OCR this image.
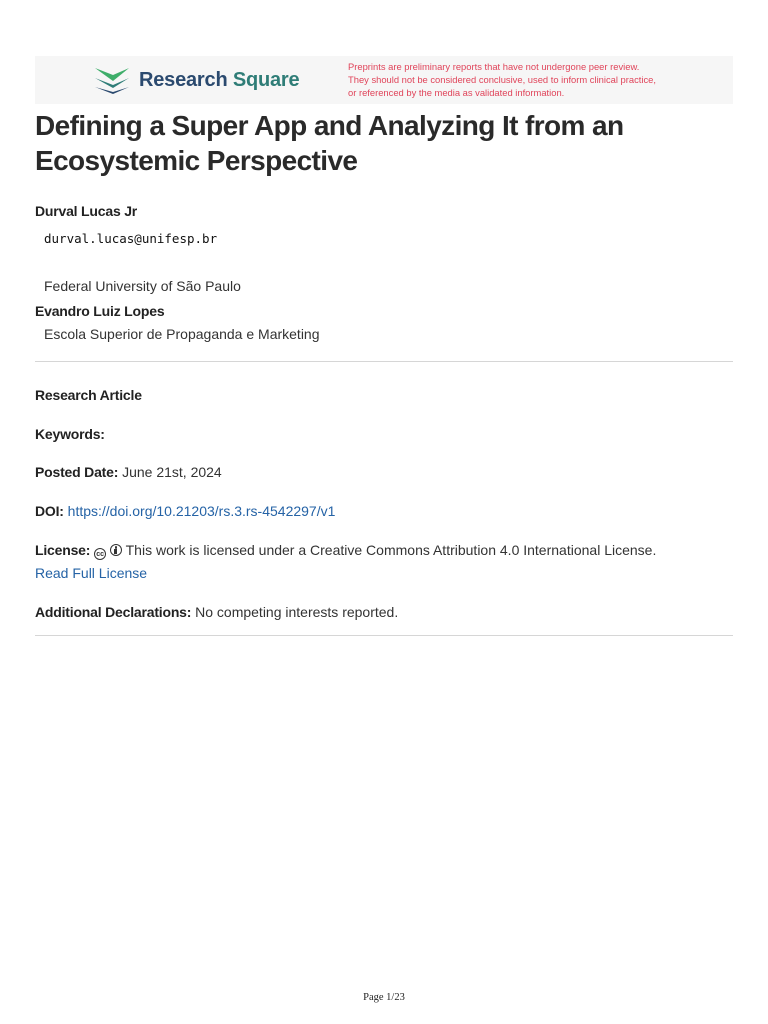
Research Square
Preprints are preliminary reports that have not undergone peer review.
They should not be considered conclusive, used to inform clinical practice,
or referenced by the media as validated information.
Defining a Super App and Analyzing It from an
Ecosystemic Perspective
Durval Lucas Jr
durval.lucas@unifesp.br
Federal University of São Paulo
Evandro Luiz Lopes
Escola Superior de Propaganda e Marketing
Research Article
Keywords:
Posted Date: June 21st, 2024
DOI: https://doi.org/10.21203/rs.3.rs-4542297/v1
License: cc This work is licensed under a Creative Commons Attribution 4.0 International License.
Read Full License
Additional Declarations: No competing interests reported.
Page 1/23
